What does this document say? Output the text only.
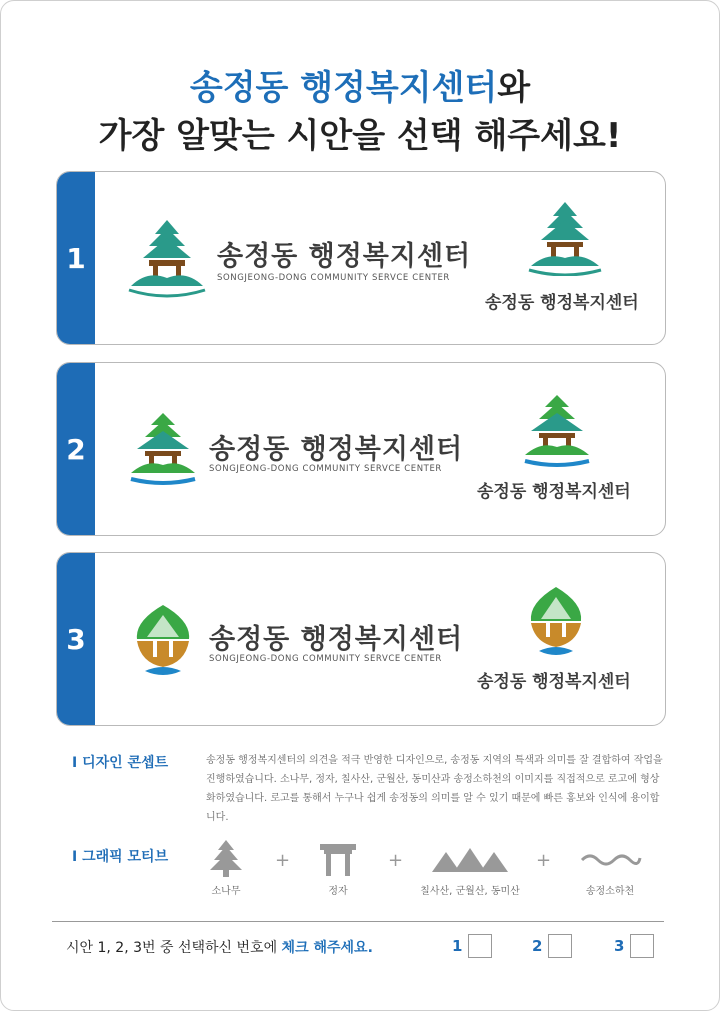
송정동 행정복지센터와
가장 알맞는 시안을 선택 해주세요!
1	송정동 행정복지센터
SONGJEONG-DONG COMMUNITY SERVCE CENTER
송정동 행정복지센터
2	송정동 행정복지센터
SONGJEONG-DONG COMMUNITY SERVCE CENTER
송정동 행정복지센터
3	송정동 행정복지센터
SONGJEONG-DONG COMMUNITY SERVCE CENTER
송정동 행정복지센터
I 디자인 콘셉트	송정동 행정복지센터의 의견을 적극 반영한 디자인으로, 송정동 지역의 특색과 의미를 잘 결합하여 작업을 진행하였습니다. 소나무, 정자, 칠사산, 군월산, 동미산과 송정소하천의 이미지를 직접적으로 로고에 형상화하였습니다. 로고를 통해서 누구나 쉽게 송정동의 의미를 알 수 있기 때문에 빠른 홍보와 인식에 용이합니다.
I 그래픽 모티브
소나무
+
정자
+
칠사산, 군월산, 동미산
+
송정소하천
시안 1, 2, 3번 중 선택하신 번호에 체크 해주세요.	1	2	3
